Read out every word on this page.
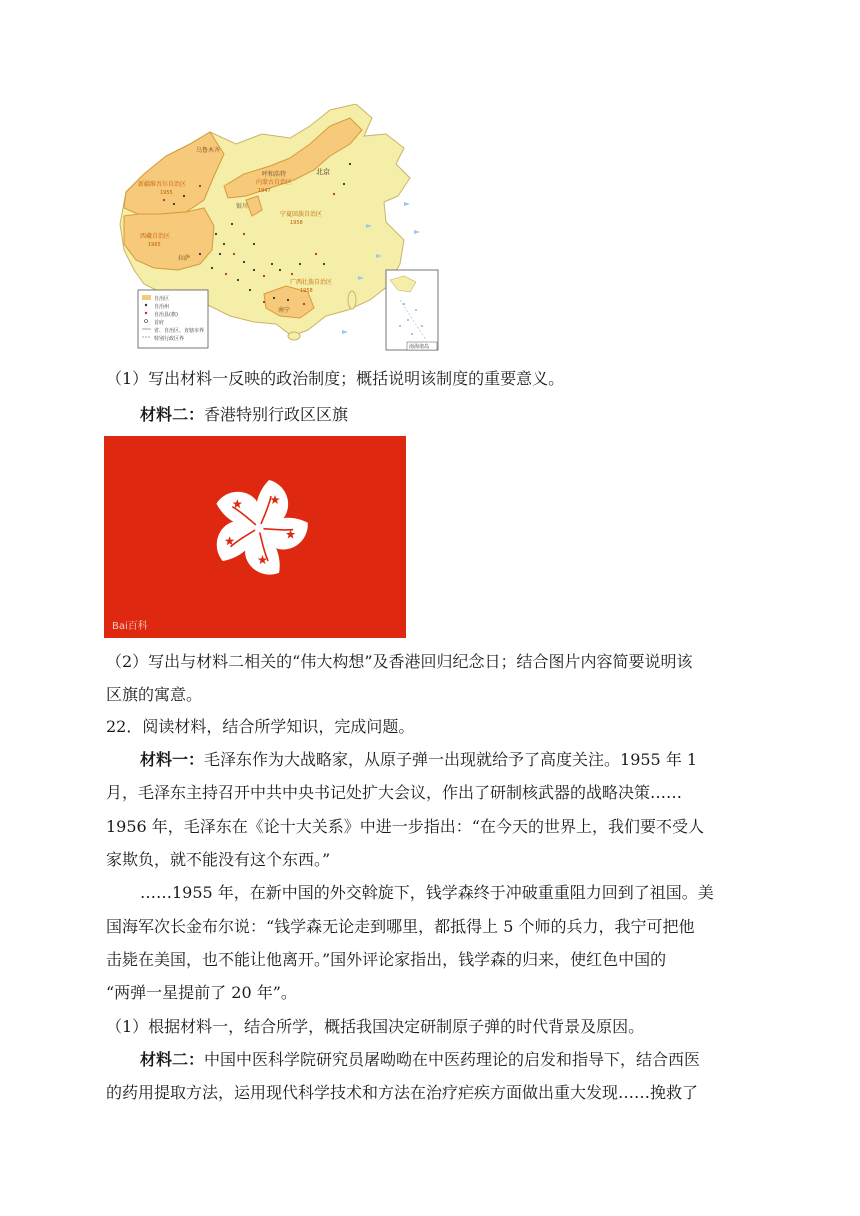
乌鲁木齐
新疆维吾尔自治区
1955
呼和浩特
内蒙古自治区
1947
北京
银川
宁夏回族自治区
1958
拉萨
西藏自治区
1965
南宁
广西壮族自治区
1958
自治区
自治州
自治县(旗)
首府
省、自治区、直辖市界
特别行政区界
南海诸岛
（1）写出材料一反映的政治制度；概括说明该制度的重要意义。
材料二：香港特别行政区区旗
Bai百科
（2）写出与材料二相关的“伟大构想”及香港回归纪念日；结合图片内容简要说明该
区旗的寓意。
22．阅读材料，结合所学知识，完成问题。
材料一：毛泽东作为大战略家，从原子弹一出现就给予了高度关注。1955 年 1
月，毛泽东主持召开中共中央书记处扩大会议，作出了研制核武器的战略决策……
1956 年，毛泽东在《论十大关系》中进一步指出：“在今天的世界上，我们要不受人
家欺负，就不能没有这个东西。”
……1955 年，在新中国的外交斡旋下，钱学森终于冲破重重阻力回到了祖国。美
国海军次长金布尔说：“钱学森无论走到哪里，都抵得上 5 个师的兵力，我宁可把他
击毙在美国，也不能让他离开。”国外评论家指出，钱学森的归来，使红色中国的
“两弹一星提前了 20 年”。
（1）根据材料一，结合所学，概括我国决定研制原子弹的时代背景及原因。
材料二：中国中医科学院研究员屠呦呦在中医药理论的启发和指导下，结合西医
的药用提取方法，运用现代科学技术和方法在治疗疟疾方面做出重大发现……挽救了
